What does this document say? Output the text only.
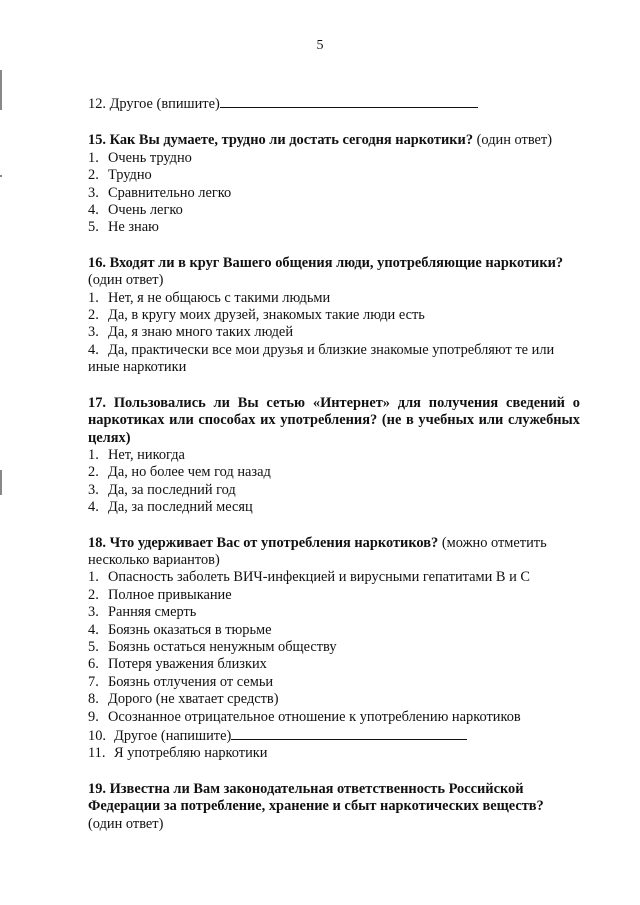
5

12. Другое (впишите)

15. Как Вы думаете, трудно ли достать сегодня наркотики? (один ответ)

1. Очень трудно
2. Трудно
3. Сравнительно легко
4. Очень легко
5. Не знаю

16. Входят ли в круг Вашего общения люди, употребляющие наркотики? (один ответ)

1. Нет, я не общаюсь с такими людьми
2. Да, в кругу моих друзей, знакомых такие люди есть
3. Да, я знаю много таких людей
4. Да, практически все мои друзья и близкие знакомые употребляют те или иные наркотики

17. Пользовались ли Вы сетью «Интернет» для получения сведений о наркотиках или способах их употребления? (не в учебных или служебных целях)

1. Нет, никогда
2. Да, но более чем год назад
3. Да, за последний год
4. Да, за последний месяц

18. Что удерживает Вас от употребления наркотиков? (можно отметить несколько вариантов)

1. Опасность заболеть ВИЧ-инфекцией и вирусными гепатитами В и С
2. Полное привыкание
3. Ранняя смерть
4. Боязнь оказаться в тюрьме
5. Боязнь остаться ненужным обществу
6. Потеря уважения близких
7. Боязнь отлучения от семьи
8. Дорого (не хватает средств)
9. Осознанное отрицательное отношение к употреблению наркотиков
10. Другое (напишите)
11. Я употребляю наркотики

19. Известна ли Вам законодательная ответственность Российской Федерации за потребление, хранение и сбыт наркотических веществ? (один ответ)
